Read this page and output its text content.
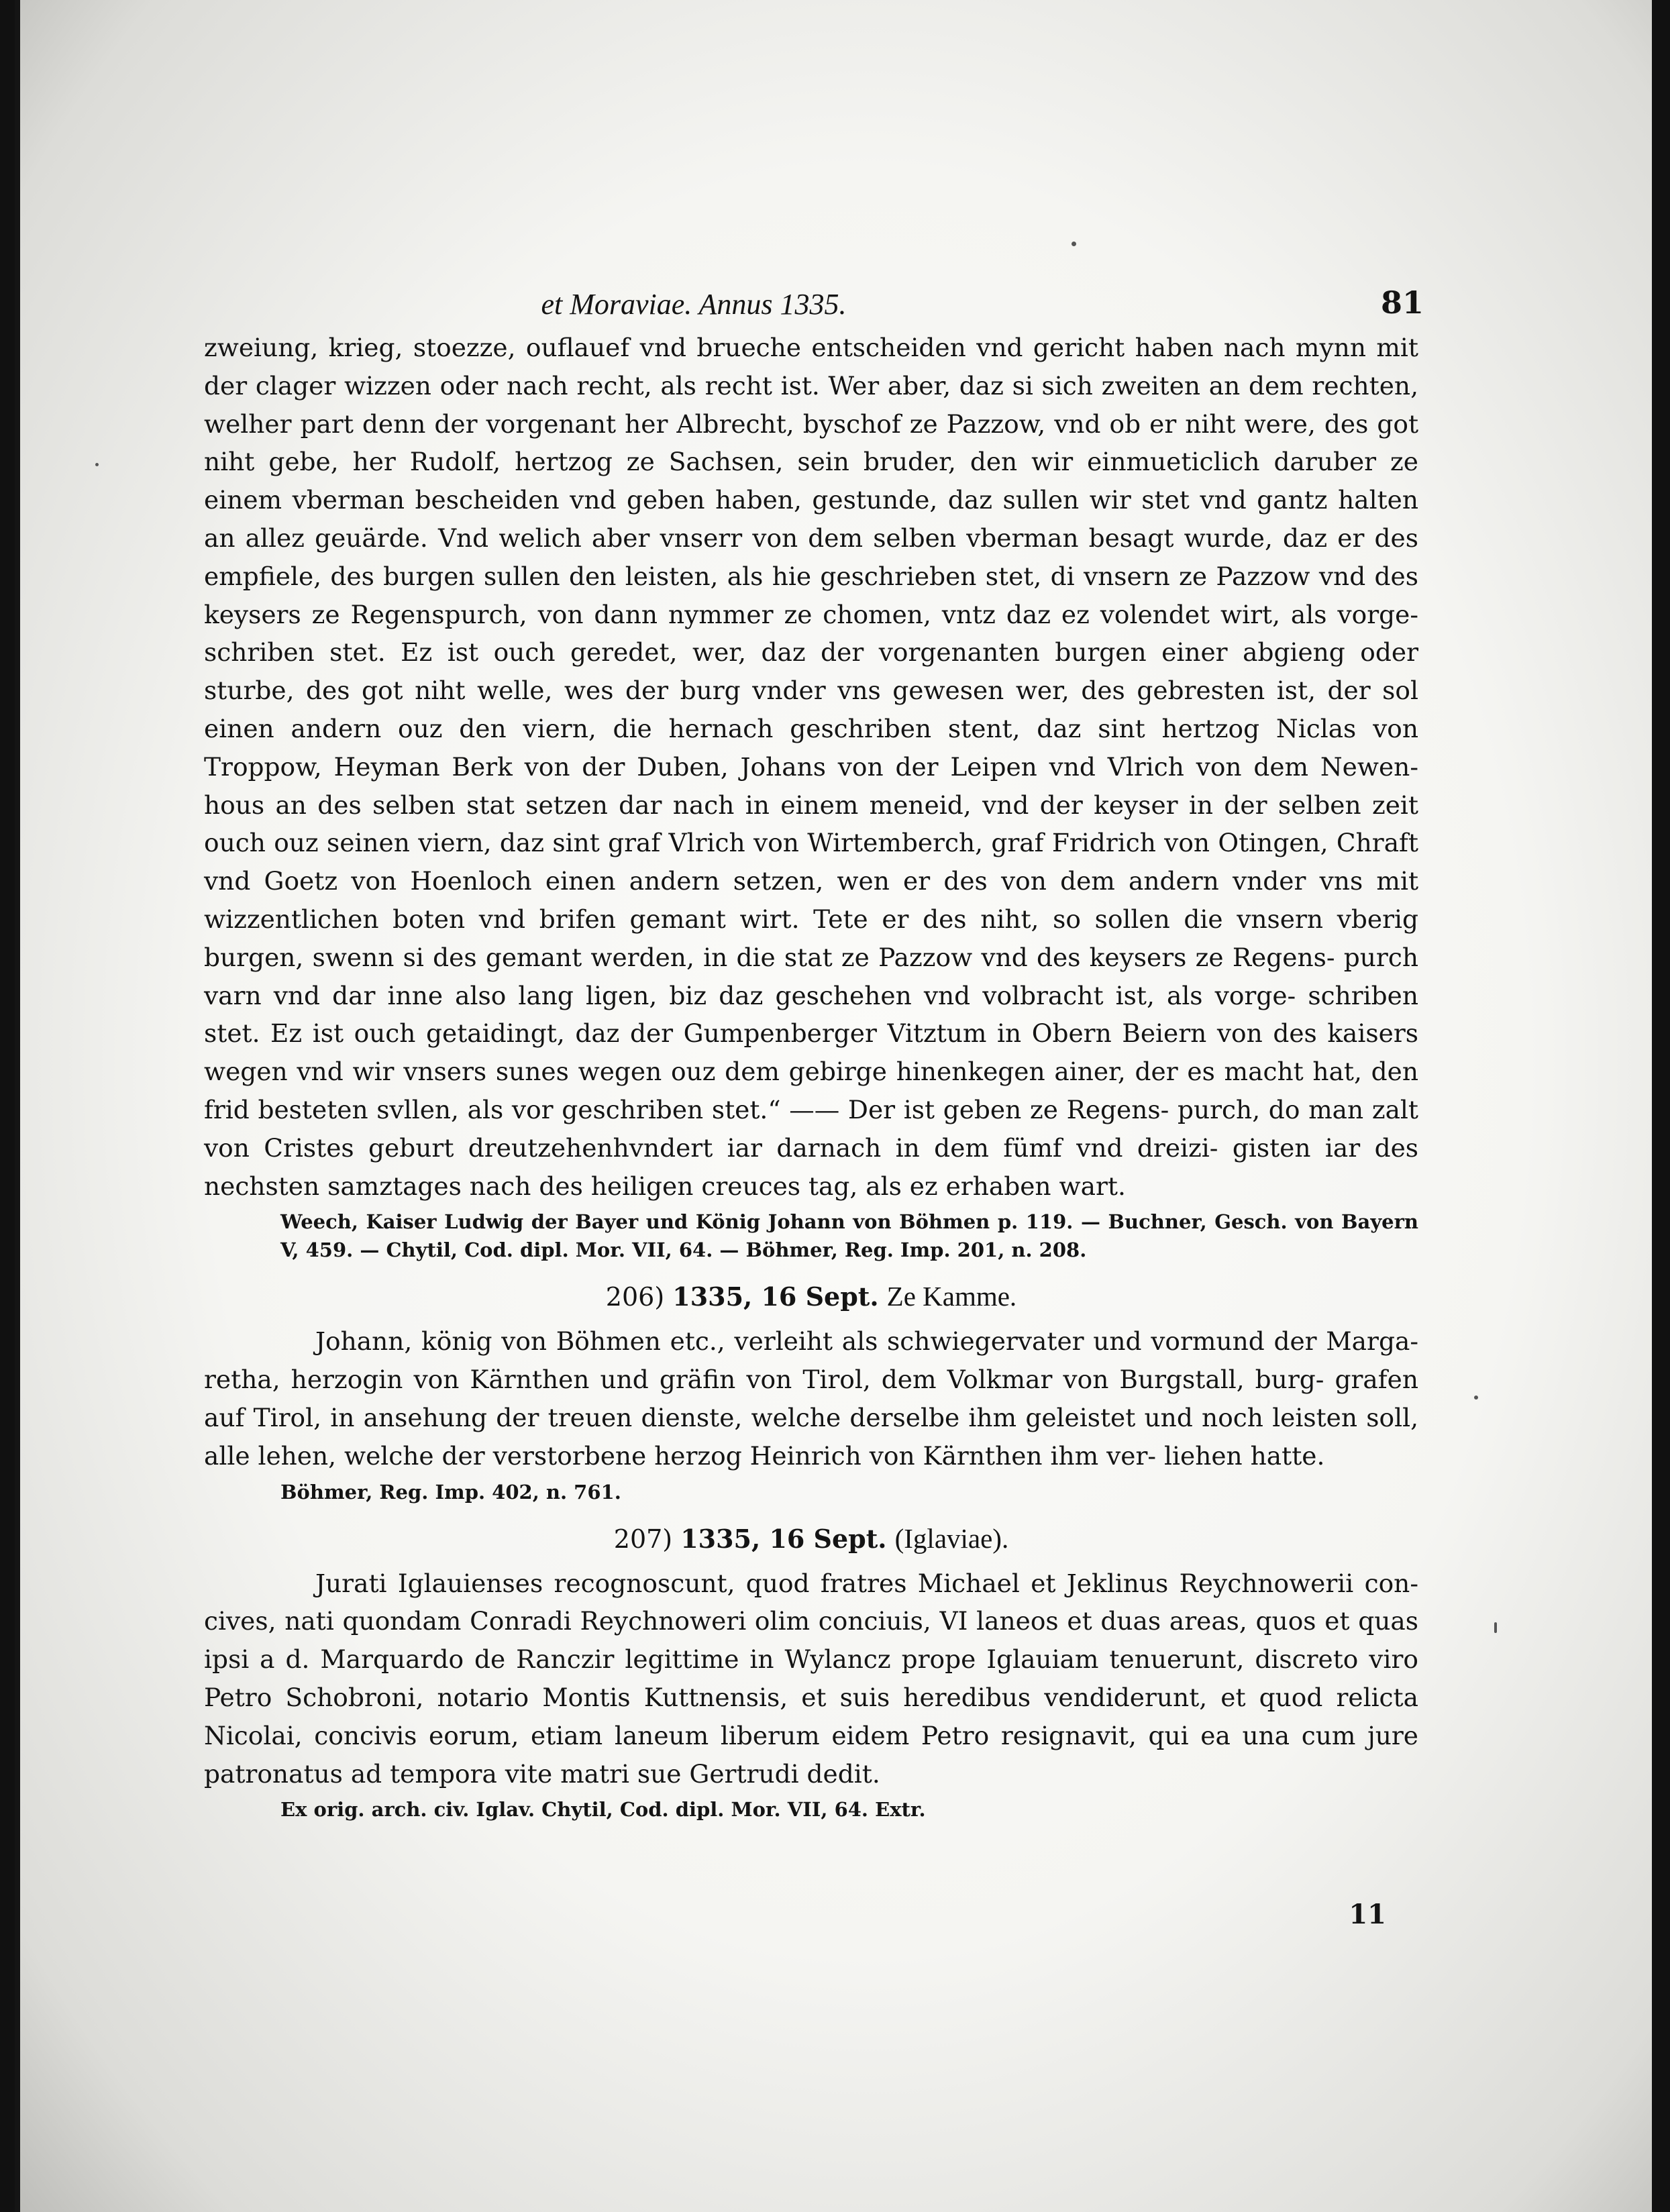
et Moraviae. Annus 1335.	81

zweiung, krieg, stoezze, ouflauef vnd brueche entscheiden vnd gericht haben nach mynn mit der clager wizzen oder nach recht, als recht ist. Wer aber, daz si sich zweiten an dem rechten, welher part denn der vorgenant her Albrecht, byschof ze Pazzow, vnd ob er niht were, des got niht gebe, her Rudolf, hertzog ze Sachsen, sein bruder, den wir einmueticlich daruber ze einem vberman bescheiden vnd geben haben, gestunde, daz sullen wir stet vnd gantz halten an allez geuärde. Vnd welich aber vnserr von dem selben vberman besagt wurde, daz er des empfiele, des burgen sullen den leisten, als hie geschrieben stet, di vnsern ze Pazzow vnd des keysers ze Regenspurch, von dann nymmer ze chomen, vntz daz ez volendet wirt, als vorge- schriben stet. Ez ist ouch geredet, wer, daz der vorgenanten burgen einer abgieng oder sturbe, des got niht welle, wes der burg vnder vns gewesen wer, des gebresten ist, der sol einen andern ouz den viern, die hernach geschriben stent, daz sint hertzog Niclas von Troppow, Heyman Berk von der Duben, Johans von der Leipen vnd Vlrich von dem Newen- hous an des selben stat setzen dar nach in einem meneid, vnd der keyser in der selben zeit ouch ouz seinen viern, daz sint graf Vlrich von Wirtemberch, graf Fridrich von Otingen, Chraft vnd Goetz von Hoenloch einen andern setzen, wen er des von dem andern vnder vns mit wizzentlichen boten vnd brifen gemant wirt. Tete er des niht, so sollen die vnsern vberig burgen, swenn si des gemant werden, in die stat ze Pazzow vnd des keysers ze Regens- purch varn vnd dar inne also lang ligen, biz daz geschehen vnd volbracht ist, als vorge- schriben stet. Ez ist ouch getaidingt, daz der Gumpenberger Vitztum in Obern Beiern von des kaisers wegen vnd wir vnsers sunes wegen ouz dem gebirge hinenkegen ainer, der es macht hat, den frid besteten svllen, als vor geschriben stet.“ —— Der ist geben ze Regens- purch, do man zalt von Cristes geburt dreutzehenhvndert iar darnach in dem fümf vnd dreizi- gisten iar des nechsten samztages nach des heiligen creuces tag, als ez erhaben wart.

Weech, Kaiser Ludwig der Bayer und König Johann von Böhmen p. 119. — Buchner, Gesch. von Bayern V, 459. — Chytil, Cod. dipl. Mor. VII, 64. — Böhmer, Reg. Imp. 201, n. 208.

206) 1335, 16 Sept. Ze Kamme.

Johann, könig von Böhmen etc., verleiht als schwiegervater und vormund der Marga- retha, herzogin von Kärnthen und gräfin von Tirol, dem Volkmar von Burgstall, burg- grafen auf Tirol, in ansehung der treuen dienste, welche derselbe ihm geleistet und noch leisten soll, alle lehen, welche der verstorbene herzog Heinrich von Kärnthen ihm ver- liehen hatte.

Böhmer, Reg. Imp. 402, n. 761.

207) 1335, 16 Sept. (Iglaviae).

Jurati Iglauienses recognoscunt, quod fratres Michael et Jeklinus Reychnowerii con- cives, nati quondam Conradi Reychnoweri olim conciuis, VI laneos et duas areas, quos et quas ipsi a d. Marquardo de Ranczir legittime in Wylancz prope Iglauiam tenuerunt, discreto viro Petro Schobroni, notario Montis Kuttnensis, et suis heredibus vendiderunt, et quod relicta Nicolai, concivis eorum, etiam laneum liberum eidem Petro resignavit, qui ea una cum jure patronatus ad tempora vite matri sue Gertrudi dedit.

Ex orig. arch. civ. Iglav. Chytil, Cod. dipl. Mor. VII, 64. Extr.

11
